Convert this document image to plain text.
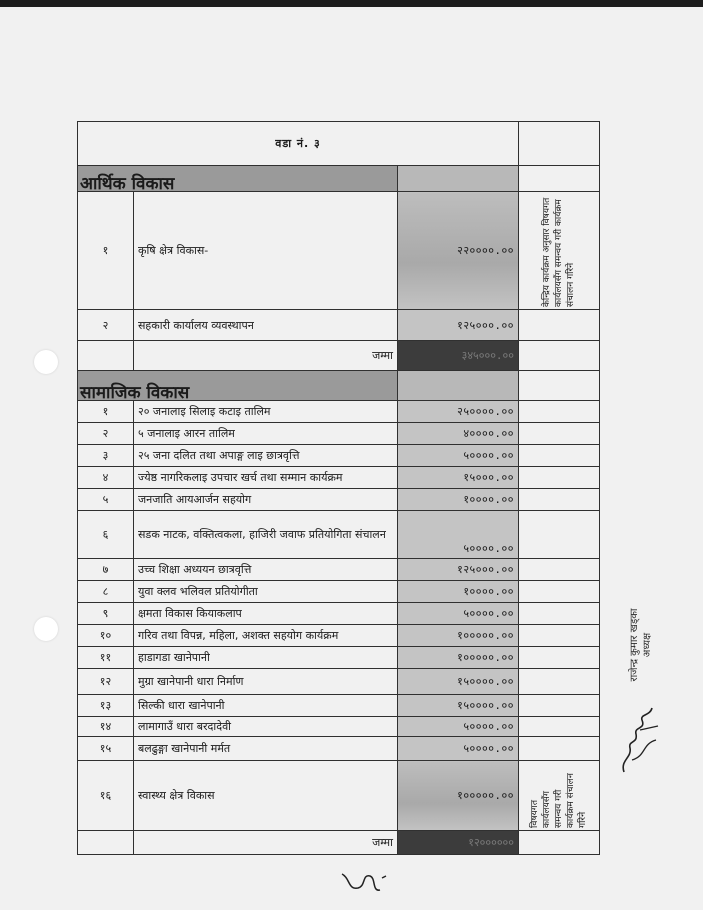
वडा नं. ३			
आर्थिक विकास			
१	कृषि क्षेत्र विकास-	२२००००.००	केन्द्रिय कार्यक्रम अनुसार विषयगत कार्यलयसँग समन्वय गरी कार्यक्रम संचालन गरिने

२	सहकारी कार्यालय व्यवस्थापन	१२५०००.००	
	जम्मा	३४५०००.००	
सामाजिक विकास			
१	२० जनालाइ सिलाइ कटाइ तालिम	२५००००.००	
२	५ जनालाइ आरन तालिम	४००००.००	
३	२५ जना दलित तथा अपाङ्ग लाइ छात्रवृत्ति	५००००.००	
४	ज्येष्ठ नागरिकलाइ उपचार खर्च तथा सम्मान कार्यक्रम	१५०००.००	
५	जनजाति आयआर्जन सहयोग	१००००.००	
६	सडक नाटक, वक्तित्वकला, हाजिरी जवाफ प्रतियोगिता संचालन	५००००.००	
७	उच्च शिक्षा अध्ययन छात्रवृत्ति	१२५०००.००	
८	युवा क्लव भलिवल प्रतियोगीता	१००००.००	
९	क्षमता विकास कियाकलाप	५००००.००	
१०	गरिव तथा विपन्न, महिला, अशक्त सहयोग कार्यक्रम	१०००००.००	
११	हाडागडा खानेपानी	१०००००.००	
१२	मुग्रा खानेपानी धारा निर्माण	१५००००.००	
१३	सिल्की धारा खानेपानी	१५००००.००	
१४	लामागाउँ धारा बरदादेवी	५००००.००	
१५	बलढुङ्गा खानेपानी मर्मत	५००००.००	
१६	स्वास्थ्य क्षेत्र विकास	१०००००.००	विषयगत कार्यलयसँग समन्वय गरी कार्यक्रम संचालन गरिने

	जम्मा	१२००००००	
राजेन्द्र कुमार खड्का अध्यक्ष
